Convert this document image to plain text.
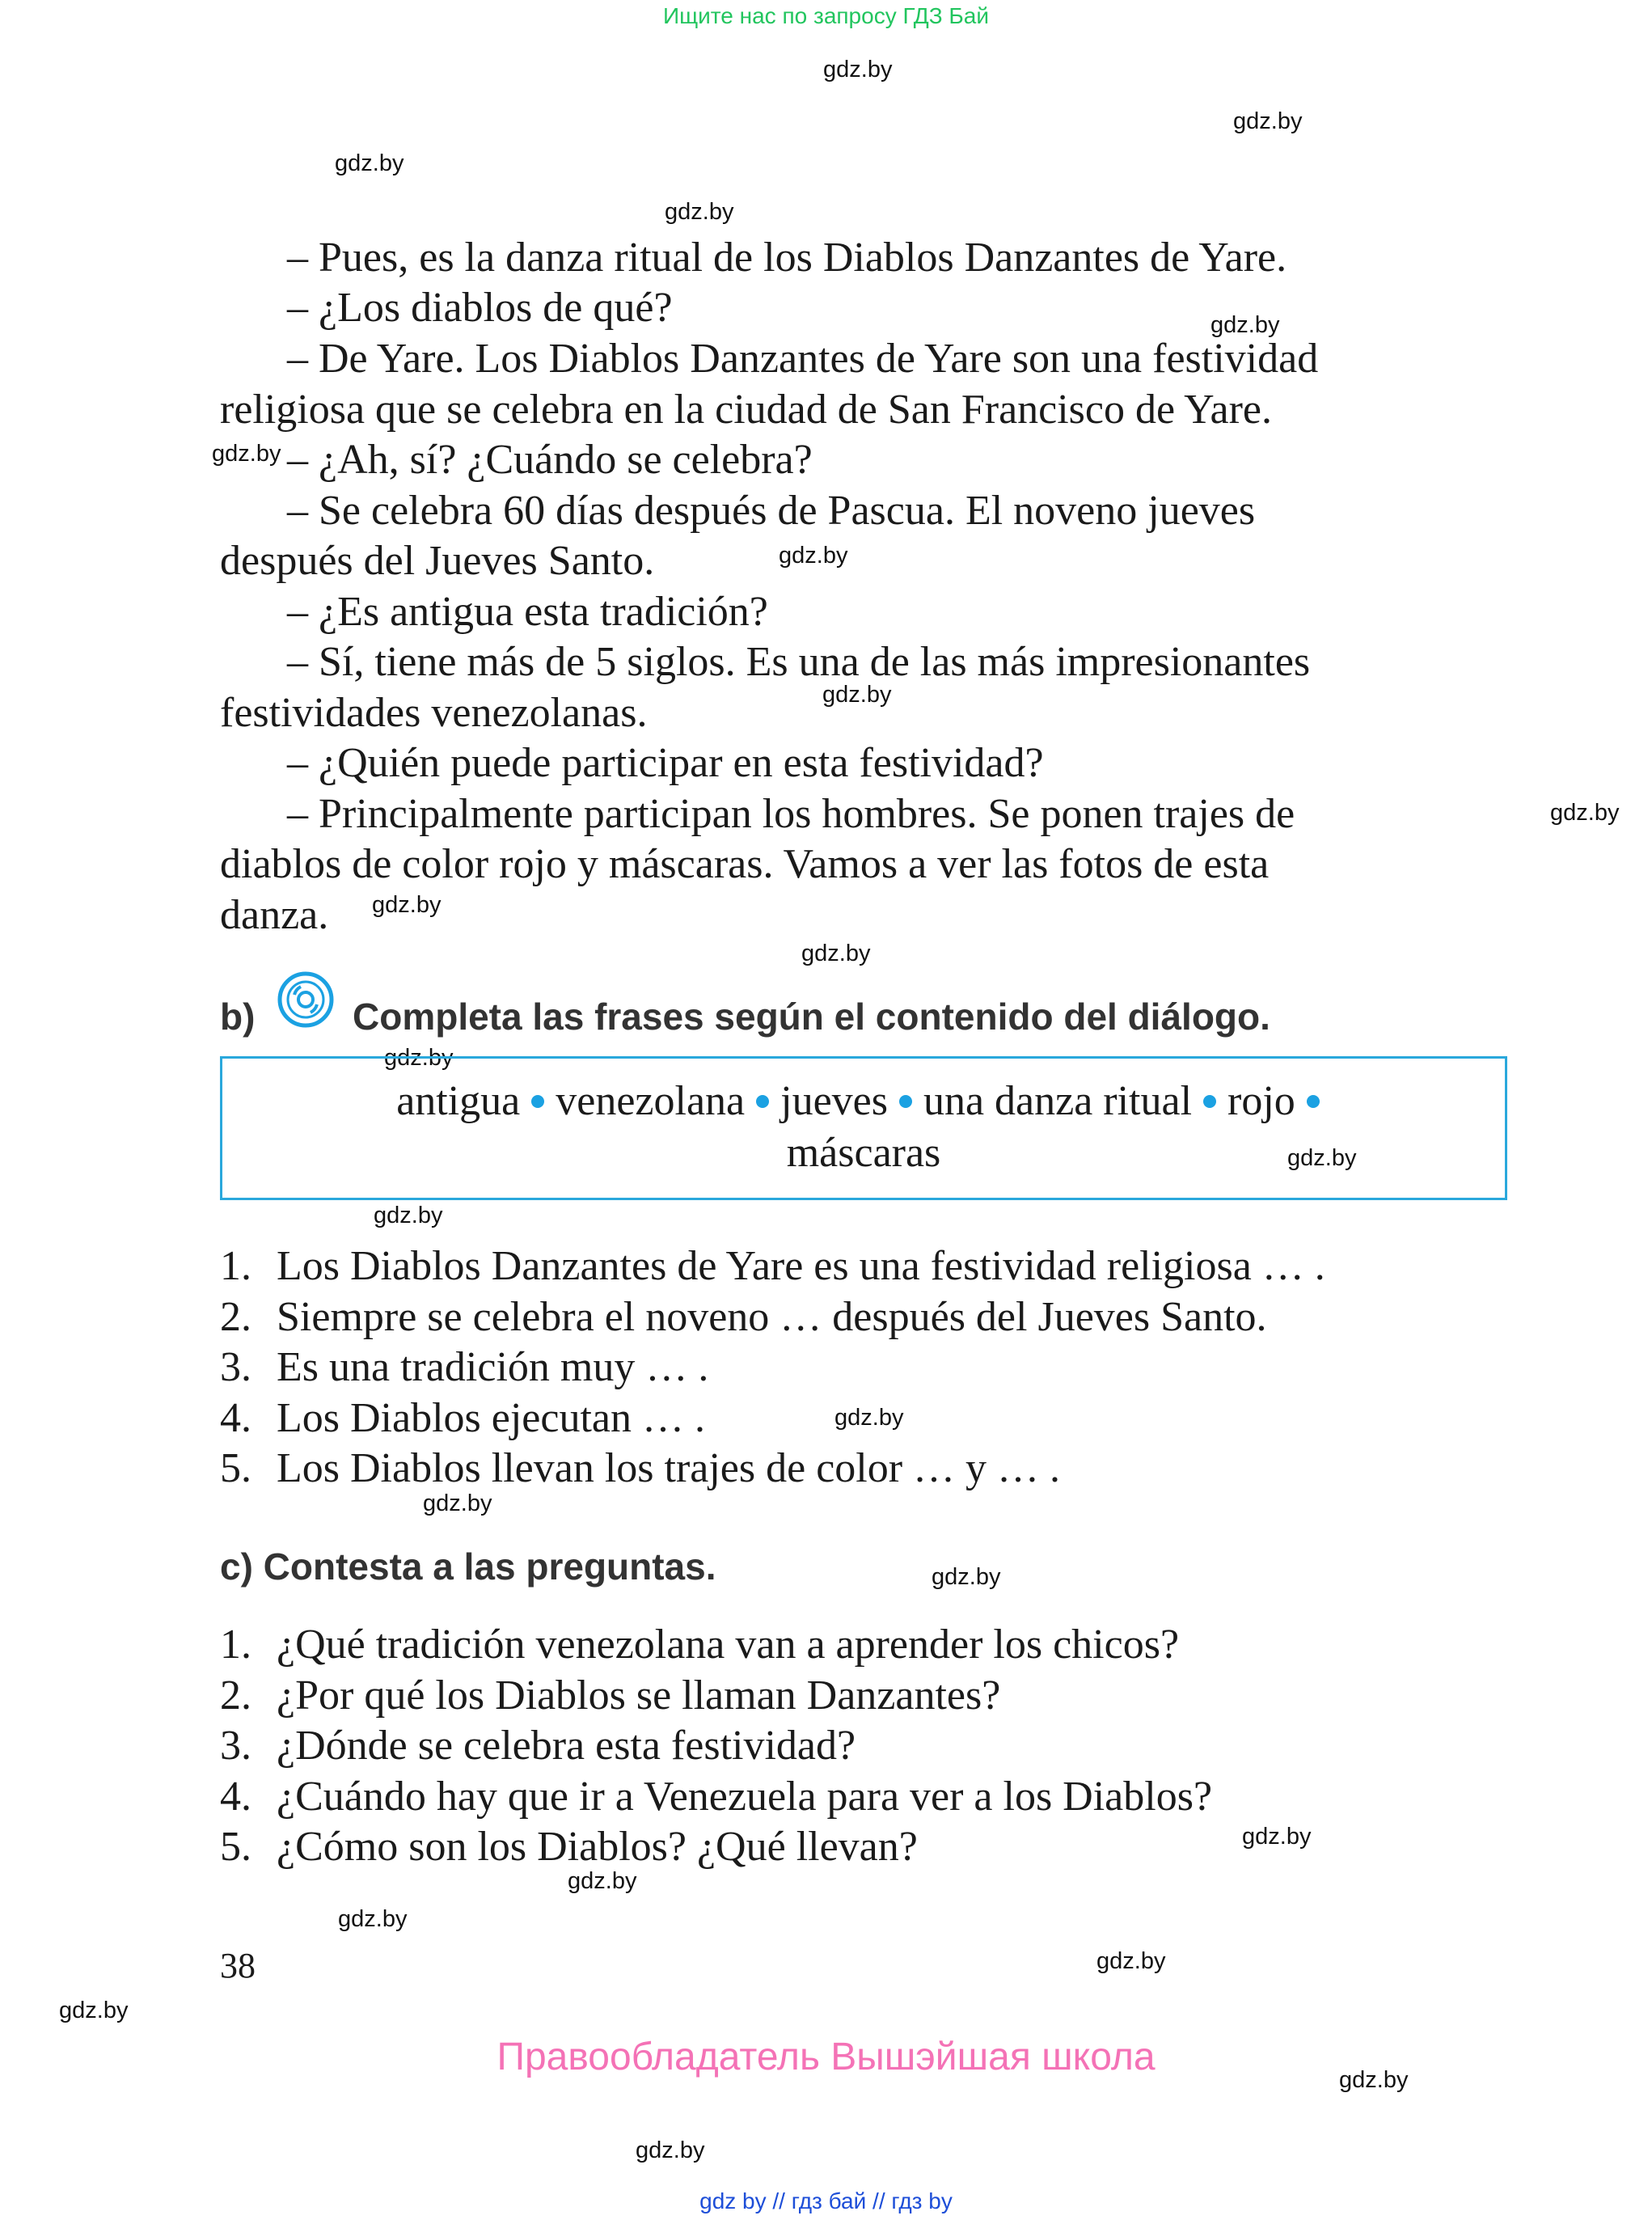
Ищите нас по запросу ГДЗ Бай
gdz.by
gdz.by
gdz.by
gdz.by
gdz.by
gdz.by
gdz.by
gdz.by
gdz.by
gdz.by
gdz.by
gdz.by
gdz.by
gdz.by
gdz.by
gdz.by
gdz.by
gdz.by
gdz.by
gdz.by
gdz.by
gdz.by
gdz.by
gdz.by
– Pues, es la danza ritual de los Diablos Danzantes de Yare.
– ¿Los diablos de qué?
– De Yare. Los Diablos Danzantes de Yare son una festividad
religiosa que se celebra en la ciudad de San Francisco de Yare.
– ¿Ah, sí? ¿Cuándo se celebra?
– Se celebra 60 días después de Pascua. El noveno jueves
después del Jueves Santo.
– ¿Es antigua esta tradición?
– Sí, tiene más de 5 siglos. Es una de las más impresionantes
festividades venezolanas.
– ¿Quién puede participar en esta festividad?
– Principalmente participan los hombres. Se ponen trajes de
diablos de color rojo y máscaras. Vamos a ver las fotos de esta
danza.
b)	Completa las frases según el contenido del diálogo.
antigua venezolana jueves una danza ritual rojo
máscaras
1. Los Diablos Danzantes de Yare es una festividad religiosa … .
2. Siempre se celebra el noveno … después del Jueves Santo.
3. Es una tradición muy … .
4. Los Diablos ejecutan … .
5. Los Diablos llevan los trajes de color … y … .
c) Contesta a las preguntas.
1. ¿Qué tradición venezolana van a aprender los chicos?
2. ¿Por qué los Diablos se llaman Danzantes?
3. ¿Dónde se celebra esta festividad?
4. ¿Cuándo hay que ir a Venezuela para ver a los Diablos?
5. ¿Cómo son los Diablos? ¿Qué llevan?
38
Правообладатель Вышэйшая школа
gdz by // гдз бай // гдз by
